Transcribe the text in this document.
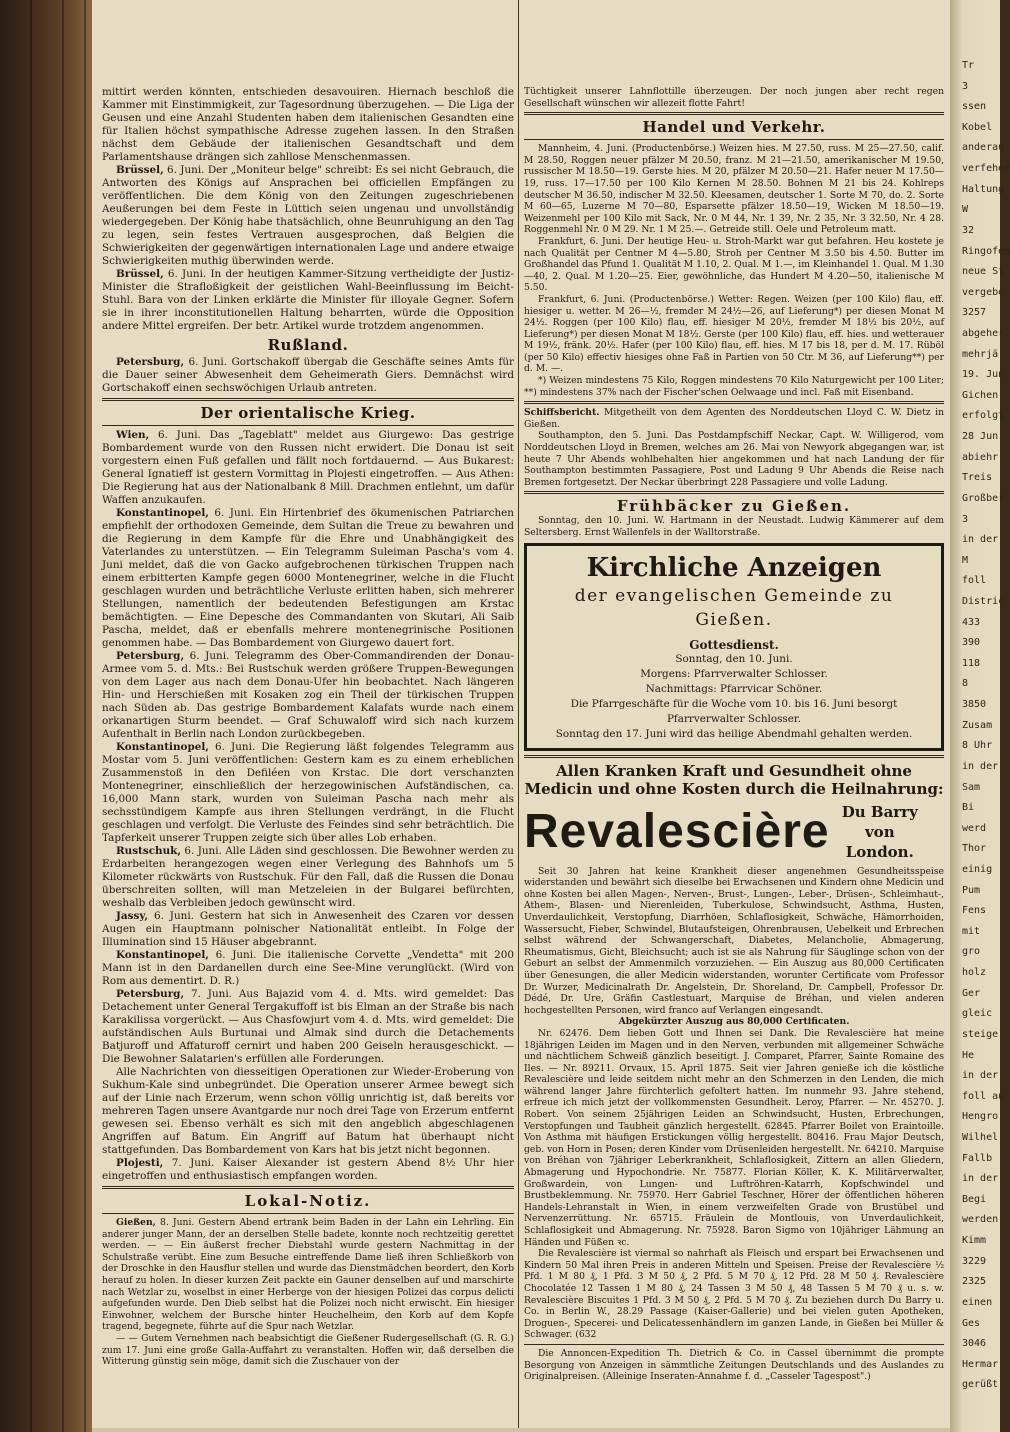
mittirt werden könnten, entschieden desavouiren. Hiernach beschloß die Kammer mit Einstimmigkeit, zur Tagesordnung überzugehen. — Die Liga der Geusen und eine Anzahl Studenten haben dem italienischen Gesandten eine für Italien höchst sympathische Adresse zugehen lassen. In den Straßen nächst dem Gebäude der italienischen Gesandtschaft und dem Parlamentshause drängen sich zahllose Menschenmassen.

Brüssel, 6. Juni. Der „Moniteur belge" schreibt: Es sei nicht Gebrauch, die Antworten des Königs auf Ansprachen bei officiellen Empfängen zu veröffentlichen. Die dem König von den Zeitungen zugeschriebenen Aeußerungen bei dem Feste in Lüttich seien ungenau und unvollständig wiedergegeben. Der König habe thatsächlich, ohne Beunruhigung an den Tag zu legen, sein festes Vertrauen ausgesprochen, daß Belgien die Schwierigkeiten der gegenwärtigen internationalen Lage und andere etwaige Schwierigkeiten muthig überwinden werde.

Brüssel, 6. Juni. In der heutigen Kammer-Sitzung vertheidigte der Justiz-Minister die Strafloßigkeit der geistlichen Wahl-Beeinflussung im Beicht-Stuhl. Bara von der Linken erklärte die Minister für illoyale Gegner. Sofern sie in ihrer inconstitutionellen Haltung beharrten, würde die Opposition andere Mittel ergreifen. Der betr. Artikel wurde trotzdem angenommen.

Rußland.

Petersburg, 6. Juni. Gortschakoff übergab die Geschäfte seines Amts für die Dauer seiner Abwesenheit dem Geheimerath Giers. Demnächst wird Gortschakoff einen sechswöchigen Urlaub antreten.

Der orientalische Krieg.

Wien, 6. Juni. Das „Tageblatt" meldet aus Giurgewo: Das gestrige Bombardement wurde von den Russen nicht erwidert. Die Donau ist seit vorgestern einen Fuß gefallen und fällt noch fortdauernd. — Aus Bukarest: General Ignatieff ist gestern Vormittag in Plojesti eingetroffen. — Aus Athen: Die Regierung hat aus der Nationalbank 8 Mill. Drachmen entlehnt, um dafür Waffen anzukaufen.

Konstantinopel, 6. Juni. Ein Hirtenbrief des ökumenischen Patriarchen empfiehlt der orthodoxen Gemeinde, dem Sultan die Treue zu bewahren und die Regierung in dem Kampfe für die Ehre und Unabhängigkeit des Vaterlandes zu unterstützen. — Ein Telegramm Suleiman Pascha's vom 4. Juni meldet, daß die von Gacko aufgebrochenen türkischen Truppen nach einem erbitterten Kampfe gegen 6000 Montenegriner, welche in die Flucht geschlagen wurden und beträchtliche Verluste erlitten haben, sich mehrerer Stellungen, namentlich der bedeutenden Befestigungen am Krstac bemächtigten. — Eine Depesche des Commandanten von Skutari, Ali Saib Pascha, meldet, daß er ebenfalls mehrere montenegrinische Positionen genommen habe. — Das Bombardement von Giurgewo dauert fort.

Petersburg, 6. Juni. Telegramm des Ober-Commandirenden der Donau-Armee vom 5. d. Mts.: Bei Rustschuk werden größere Truppen-Bewegungen von dem Lager aus nach dem Donau-Ufer hin beobachtet. Nach längeren Hin- und Herschießen mit Kosaken zog ein Theil der türkischen Truppen nach Süden ab. Das gestrige Bombardement Kalafats wurde nach einem orkanartigen Sturm beendet. — Graf Schuwaloff wird sich nach kurzem Aufenthalt in Berlin nach London zurückbegeben.

Konstantinopel, 6. Juni. Die Regierung läßt folgendes Telegramm aus Mostar vom 5. Juni veröffentlichen: Gestern kam es zu einem erheblichen Zusammenstoß in den Defiléen von Krstac. Die dort verschanzten Montenegriner, einschließlich der herzegowinischen Aufständischen, ca. 16,000 Mann stark, wurden von Suleiman Pascha nach mehr als sechsstündigem Kampfe aus ihren Stellungen verdrängt, in die Flucht geschlagen und verfolgt. Die Verluste des Feindes sind sehr beträchtlich. Die Tapferkeit unserer Truppen zeigte sich über alles Lob erhaben.

Rustschuk, 6. Juni. Alle Läden sind geschlossen. Die Bewohner werden zu Erdarbeiten herangezogen wegen einer Verlegung des Bahnhofs um 5 Kilometer rückwärts von Rustschuk. Für den Fall, daß die Russen die Donau überschreiten sollten, will man Metzeleien in der Bulgarei befürchten, weshalb das Verbleiben jedoch gewünscht wird.

Jassy, 6. Juni. Gestern hat sich in Anwesenheit des Czaren vor dessen Augen ein Hauptmann polnischer Nationalität entleibt. In Folge der Illumination sind 15 Häuser abgebrannt.

Konstantinopel, 6. Juni. Die italienische Corvette „Vendetta" mit 200 Mann ist in den Dardanellen durch eine See-Mine verunglückt. (Wird von Rom aus dementirt. D. R.)

Petersburg, 7. Juni. Aus Bajazid vom 4. d. Mts. wird gemeldet: Das Detachement unter General Tergakuffoff ist bis Elman an der Straße bis nach Karakilissa vorgerückt. — Aus Chasfowjurt vom 4. d. Mts. wird gemeldet: Die aufständischen Auls Burtunai und Almak sind durch die Detachements Batjuroff und Affaturoff cernirt und haben 200 Geiseln herausgeschickt. — Die Bewohner Salatarien's erfüllen alle Forderungen.

Alle Nachrichten von diesseitigen Operationen zur Wieder-Eroberung von Sukhum-Kale sind unbegründet. Die Operation unserer Armee bewegt sich auf der Linie nach Erzerum, wenn schon völlig unrichtig ist, daß bereits vor mehreren Tagen unsere Avantgarde nur noch drei Tage von Erzerum entfernt gewesen sei. Ebenso verhält es sich mit den angeblich abgeschlagenen Angriffen auf Batum. Ein Angriff auf Batum hat überhaupt nicht stattgefunden. Das Bombardement von Kars hat bis jetzt nicht begonnen.

Plojesti, 7. Juni. Kaiser Alexander ist gestern Abend 8½ Uhr hier eingetroffen und enthusiastisch empfangen worden.

Lokal-Notiz.

Gießen, 8. Juni. Gestern Abend ertrank beim Baden in der Lahn ein Lehrling. Ein anderer junger Mann, der an derselben Stelle badete, konnte noch rechtzeitig gerettet werden. — — Ein äußerst frecher Diebstahl wurde gestern Nachmittag in der Schulstraße verübt. Eine zum Besuche eintreffende Dame ließ ihren Schließkorb von der Droschke in den Hausflur stellen und wurde das Dienstmädchen beordert, den Korb herauf zu holen. In dieser kurzen Zeit packte ein Gauner denselben auf und marschirte nach Wetzlar zu, woselbst in einer Herberge von der hiesigen Polizei das corpus delicti aufgefunden wurde. Den Dieb selbst hat die Polizei noch nicht erwischt. Ein hiesiger Einwohner, welchem der Bursche hinter Heuchelheim, den Korb auf dem Kopfe tragend, begegnete, führte auf die Spur nach Wetzlar.

— — Gutem Vernehmen nach beabsichtigt die Gießener Rudergesellschaft (G. R. G.) zum 17. Juni eine große Galla-Auffahrt zu veranstalten. Hoffen wir, daß derselben die Witterung günstig sein möge, damit sich die Zuschauer von der

Tüchtigkeit unserer Lahnflottille überzeugen. Der noch jungen aber recht regen Gesellschaft wünschen wir allezeit flotte Fahrt!

Handel und Verkehr.

Mannheim, 4. Juni. (Productenbörse.) Weizen hies. M 27.50, russ. M 25—27.50, calif. M 28.50, Roggen neuer pfälzer M 20.50, franz. M 21—21.50, amerikanischer M 19.50, russischer M 18.50—19. Gerste hies. M 20, pfälzer M 20.50—21. Hafer neuer M 17.50—19, russ. 17—17.50 per 100 Kilo Kernen M 28.50. Bohnen M 21 bis 24. Kohlreps deutscher M 36.50, indischer M 32.50. Kleesamen, deutscher 1. Sorte M 70, do. 2. Sorte M 60—65, Luzerne M 70—80, Esparsette pfälzer 18.50—19, Wicken M 18.50—19. Weizenmehl per 100 Kilo mit Sack, Nr. 0 M 44, Nr. 1 39, Nr. 2 35, Nr. 3 32.50, Nr. 4 28. Roggenmehl Nr. 0 M 29. Nr. 1 M 25.—. Getreide still. Oele und Petroleum matt.

Frankfurt, 6. Juni. Der heutige Heu- u. Stroh-Markt war gut befahren. Heu kostete je nach Qualität per Centner M 4—5.80, Stroh per Centner M 3.50 bis 4.50. Butter im Großhandel das Pfund 1. Qualität M 1.10, 2. Qual. M 1.—, im Kleinhandel 1. Qual. M 1.30—40, 2. Qual. M 1.20—25. Eier, gewöhnliche, das Hundert M 4.20—50, italienische M 5.50.

Frankfurt, 6. Juni. (Productenbörse.) Wetter: Regen. Weizen (per 100 Kilo) flau, eff. hiesiger u. wetter. M 26—½, fremder M 24½—26, auf Lieferung*) per diesen Monat M 24½. Roggen (per 100 Kilo) flau, eff. hiesiger M 20½, fremder M 18½ bis 20½, auf Lieferung*) per diesen Monat M 18½. Gerste (per 100 Kilo) flau, eff. hies. und wetterauer M 19½, fränk. 20½. Hafer (per 100 Kilo) flau, eff. hies. M 17 bis 18, per d. M. 17. Rüböl (per 50 Kilo) effectiv hiesiges ohne Faß in Partien von 50 Ctr. M 36, auf Lieferung**) per d. M. —.

*) Weizen mindestens 75 Kilo, Roggen mindestens 70 Kilo Naturgewicht per 100 Liter; **) mindestens 37% nach der Fischer'schen Oelwaage und incl. Faß mit Eisenband.

Schiffsbericht. Mitgetheilt von dem Agenten des Norddeutschen Lloyd C. W. Dietz in Gießen.

Southampton, den 5. Juni. Das Postdampfschiff Neckar, Capt. W. Willigerod, vom Norddeutschen Lloyd in Bremen, welches am 26. Mai von Newyork abgegangen war, ist heute 7 Uhr Abends wohlbehalten hier angekommen und hat nach Landung der für Southampton bestimmten Passagiere, Post und Ladung 9 Uhr Abends die Reise nach Bremen fortgesetzt. Der Neckar überbringt 228 Passagiere und volle Ladung.

Frühbäcker zu Gießen.

Sonntag, den 10. Juni. W. Hartmann in der Neustadt. Ludwig Kämmerer auf dem Seltersberg. Ernst Wallenfels in der Walltorstraße.

Kirchliche Anzeigen
der evangelischen Gemeinde zu Gießen.
Gottesdienst.
Sonntag, den 10. Juni.
Morgens: Pfarrverwalter Schlosser.
Nachmittags: Pfarrvicar Schöner.
Die Pfarrgeschäfte für die Woche vom 10. bis 16. Juni besorgt
Pfarrverwalter Schlosser.
Sonntag den 17. Juni wird das heilige Abendmahl gehalten werden.
Allen Kranken Kraft und Gesundheit ohne Medicin und ohne Kosten durch die Heilnahrung:
Revalescière Du Barry
von London.

Seit 30 Jahren hat keine Krankheit dieser angenehmen Gesundheitsspeise widerstanden und bewährt sich dieselbe bei Erwachsenen und Kindern ohne Medicin und ohne Kosten bei allen Magen-, Nerven-, Brust-, Lungen-, Leber-, Drüsen-, Schleimhaut-, Athem-, Blasen- und Nierenleiden, Tuberkulose, Schwindsucht, Asthma, Husten, Unverdaulichkeit, Verstopfung, Diarrhöen, Schlaflosigkeit, Schwäche, Hämorrhoiden, Wassersucht, Fieber, Schwindel, Blutaufsteigen, Ohrenbrausen, Uebelkeit und Erbrechen selbst während der Schwangerschaft, Diabetes, Melancholie, Abmagerung, Rheumatismus, Gicht, Bleichsucht; auch ist sie als Nahrung für Säuglinge schon von der Geburt an selbst der Ammenmilch vorzuziehen. — Ein Auszug aus 80,000 Certificaten über Genesungen, die aller Medicin widerstanden, worunter Certificate vom Professor Dr. Wurzer, Medicinalrath Dr. Angelstein, Dr. Shoreland, Dr. Campbell, Professor Dr. Dédé, Dr. Ure, Gräfin Castlestuart, Marquise de Bréhan, und vielen anderen hochgestellten Personen, wird franco auf Verlangen eingesandt.

Abgekürzter Auszug aus 80,000 Certificaten.

Nr. 62476. Dem lieben Gott und Ihnen sei Dank. Die Revalescière hat meine 18jährigen Leiden im Magen und in den Nerven, verbunden mit allgemeiner Schwäche und nächtlichem Schweiß gänzlich beseitigt. J. Comparet, Pfarrer, Sainte Romaine des Iles. — Nr. 89211. Orvaux, 15. April 1875. Seit vier Jahren genieße ich die köstliche Revalescière und leide seitdem nicht mehr an den Schmerzen in den Lenden, die mich während langer Jahre fürchterlich gefoltert hatten. Im nunmehr 93. Jahre stehend, erfreue ich mich jetzt der vollkommensten Gesundheit. Leroy, Pfarrer. — Nr. 45270. J. Robert. Von seinem 25jährigen Leiden an Schwindsucht, Husten, Erbrechungen, Verstopfungen und Taubheit gänzlich hergestellt. 62845. Pfarrer Boilet von Eraintoille. Von Asthma mit häufigen Erstickungen völlig hergestellt. 80416. Frau Major Deutsch, geb. von Horn in Posen; deren Kinder vom Drüsenleiden hergestellt. Nr. 64210. Marquise von Bréhan von 7jähriger Leberkrankheit, Schlaflosigkeit, Zittern an allen Gliedern, Abmagerung und Hypochondrie. Nr. 75877. Florian Köller, K. K. Militärverwalter, Großwardein, von Lungen- und Luftröhren-Katarrh, Kopfschwindel und Brustbeklemmung. Nr. 75970. Herr Gabriel Teschner, Hörer der öffentlichen höheren Handels-Lehranstalt in Wien, in einem verzweifelten Grade von Brustübel und Nervenzerrüttung. Nr. 65715. Fräulein de Montlouis, von Unverdaulichkeit, Schlaflosigkeit und Abmagerung. Nr. 75928. Baron Sigmo von 10jähriger Lähmung an Händen und Füßen ꝛc.

Die Revalescière ist viermal so nahrhaft als Fleisch und erspart bei Erwachsenen und Kindern 50 Mal ihren Preis in anderen Mitteln und Speisen. Preise der Revalescière ½ Pfd. 1 M 80 ₰, 1 Pfd. 3 M 50 ₰, 2 Pfd. 5 M 70 ₰, 12 Pfd. 28 M 50 ₰. Revalescière Chocolatée 12 Tassen 1 M 80 ₰, 24 Tassen 3 M 50 ₰, 48 Tassen 5 M 70 ₰ u. s. w. Revalescière Biscuites 1 Pfd. 3 M 50 ₰, 2 Pfd. 5 M 70 ₰. Zu beziehen durch Du Barry u. Co. in Berlin W., 28.29 Passage (Kaiser-Gallerie) und bei vielen guten Apotheken, Droguen-, Specerei- und Delicatessenhändlern im ganzen Lande, in Gießen bei Müller & Schwager. (632

Die Annoncen-Expedition Th. Dietrich & Co. in Cassel übernimmt die prompte Besorgung von Anzeigen in sämmtliche Zeitungen Deutschlands und des Auslandes zu Originalpreisen. (Alleinige Inseraten-Annahme f. d. „Casseler Tagespost".)

Tr
3
ssen
Kobel
anderau
verfeher
Haltung
W
32
Ringofen
neue St
vergebe
3257
abgeher
mehrjä
19. Jun
Gichen
erfolgt
28 Jun
abiehr
Treis
Großber
3
in der
M
foll
Distric
433
390
118
8
3850
Zusam
8 Uhr
in der
Sam
Bi
werd
Thor
einig
Pum
Fens
mit
gro
holz
Ger
gleic
steige
He
in der
foll au
Hengro
Wilhel
Fallb
in der
Begi
werden
Kimm
3229
2325
einen
Ges
3046
Hermar
gerüßt
